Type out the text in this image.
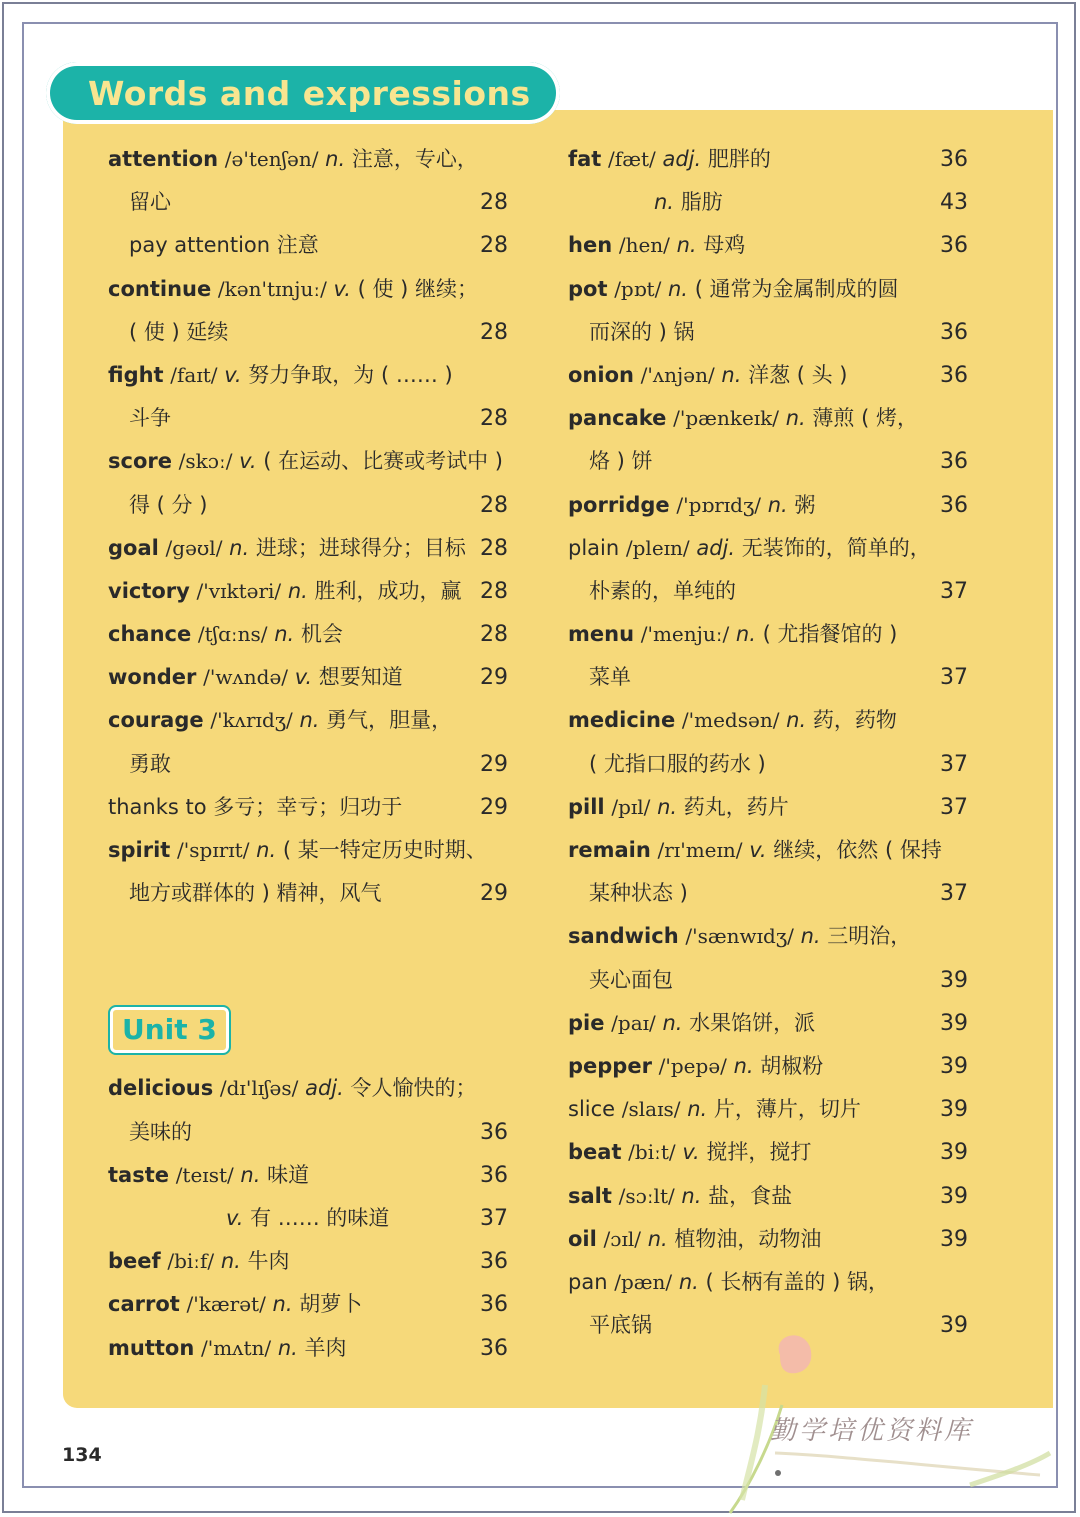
Words and expressions
attention /ə'tenʃən/ n. 注意，专心，
留心	28
pay attention 注意	28
continue /kən'tɪnjuː/ v. ( 使 ) 继续；
( 使 ) 延续	28
fight /faɪt/ v. 努力争取，为 ( …… )
斗争	28
score /skɔː/ v. ( 在运动、比赛或考试中 )
得 ( 分 )	28
goal /gəʊl/ n. 进球；进球得分；目标 28
victory /'vɪktəri/ n. 胜利，成功，赢 28
chance /tʃɑːns/ n. 机会	28
wonder /'wʌndə/ v. 想要知道	29
courage /'kʌrɪdʒ/ n. 勇气，胆量，
勇敢	29
thanks to 多亏；幸亏；归功于	29
spirit /'spɪrɪt/ n. ( 某一特定历史时期、
地方或群体的 ) 精神，风气	29
Unit 3
delicious /dɪ'lɪʃəs/ adj. 令人愉快的；
美味的	36
taste /teɪst/ n. 味道	36
v. 有 …… 的味道	37
beef /biːf/ n. 牛肉	36
carrot /'kærət/ n. 胡萝卜	36
mutton /'mʌtn/ n. 羊肉	36
fat /fæt/ adj. 肥胖的	36
n. 脂肪	43
hen /hen/ n. 母鸡	36
pot /pɒt/ n. ( 通常为金属制成的圆
而深的 ) 锅	36
onion /'ʌnjən/ n. 洋葱 ( 头 )	36
pancake /'pænkeɪk/ n. 薄煎 ( 烤，
烙 ) 饼	36
porridge /'pɒrɪdʒ/ n. 粥	36
plain /pleɪn/ adj. 无装饰的，简单的，
朴素的，单纯的	37
menu /'menjuː/ n. ( 尤指餐馆的 )
菜单	37
medicine /'medsən/ n. 药，药物
( 尤指口服的药水 )	37
pill /pɪl/ n. 药丸，药片	37
remain /rɪ'meɪn/ v. 继续，依然 ( 保持
某种状态 )	37
sandwich /'sænwɪdʒ/ n. 三明治，
夹心面包	39
pie /paɪ/ n. 水果馅饼，派	39
pepper /'pepə/ n. 胡椒粉	39
slice /slaɪs/ n. 片，薄片，切片	39
beat /biːt/ v. 搅拌，搅打	39
salt /sɔːlt/ n. 盐，食盐	39
oil /ɔɪl/ n. 植物油，动物油	39
pan /pæn/ n. ( 长柄有盖的 ) 锅，
平底锅	39
134
勤学培优资料库
